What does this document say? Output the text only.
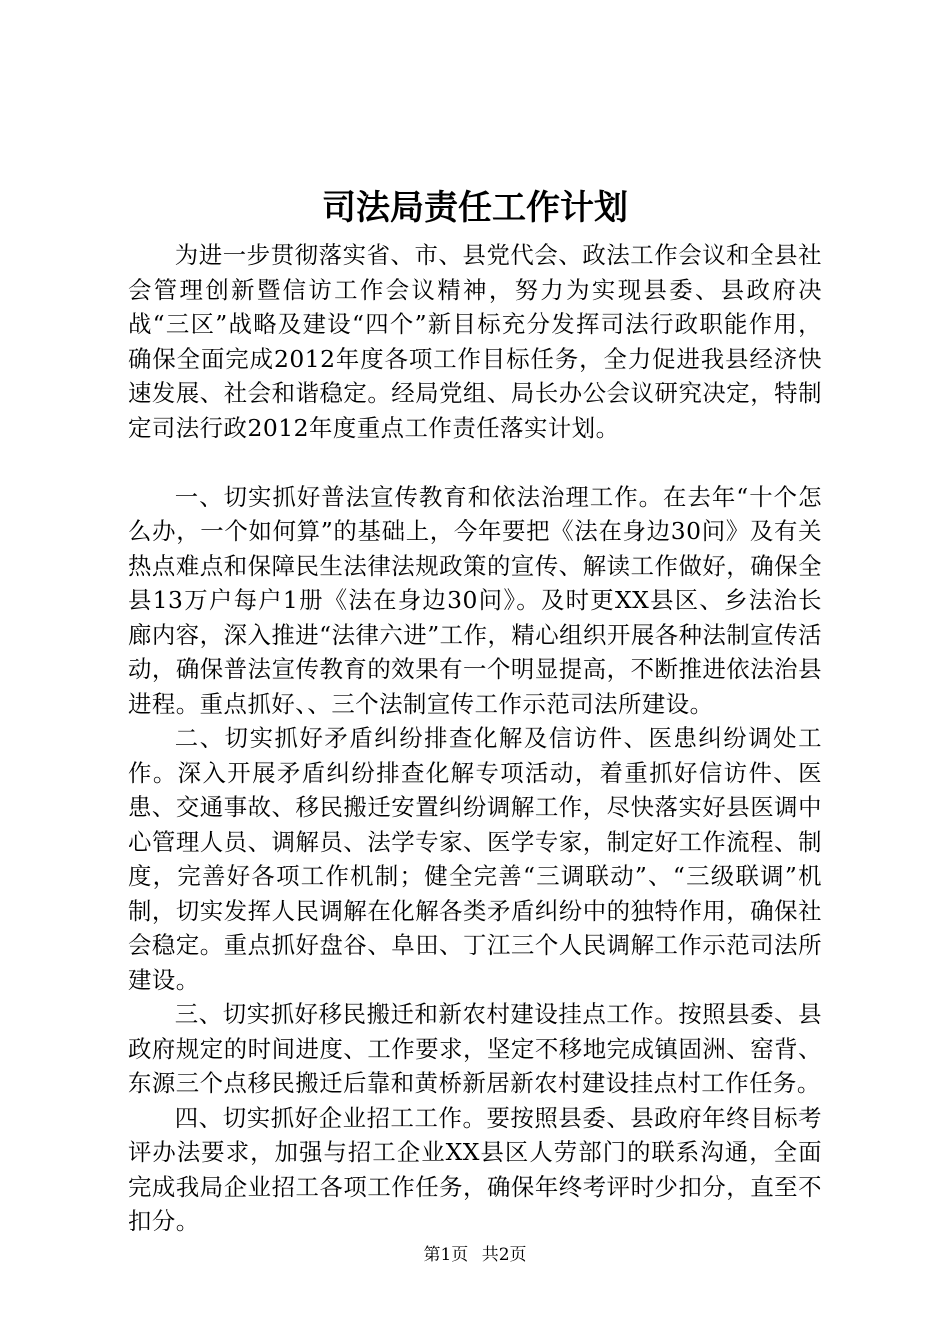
司法局责任工作计划

为进一步贯彻落实省、市、县党代会、政法工作会议和全县社会管理创新暨信访工作会议精神，努力为实现县委、县政府决战“三区”战略及建设“四个”新目标充分发挥司法行政职能作用，确保全面完成2012年度各项工作目标任务，全力促进我县经济快速发展、社会和谐稳定。经局党组、局长办公会议研究决定，特制定司法行政2012年度重点工作责任落实计划。

一、切实抓好普法宣传教育和依法治理工作。在去年“十个怎么办，一个如何算”的基础上，今年要把《法在身边30问》及有关热点难点和保障民生法律法规政策的宣传、解读工作做好，确保全县13万户每户1册《法在身边30问》。及时更XX县区、乡法治长廊内容，深入推进“法律六进”工作，精心组织开展各种法制宣传活动，确保普法宣传教育的效果有一个明显提高，不断推进依法治县进程。重点抓好、、三个法制宣传工作示范司法所建设。

二、切实抓好矛盾纠纷排查化解及信访件、医患纠纷调处工作。深入开展矛盾纠纷排查化解专项活动，着重抓好信访件、医患、交通事故、移民搬迁安置纠纷调解工作，尽快落实好县医调中心管理人员、调解员、法学专家、医学专家，制定好工作流程、制度，完善好各项工作机制；健全完善“三调联动”、“三级联调”机制，切实发挥人民调解在化解各类矛盾纠纷中的独特作用，确保社会稳定。重点抓好盘谷、阜田、丁江三个人民调解工作示范司法所建设。

三、切实抓好移民搬迁和新农村建设挂点工作。按照县委、县政府规定的时间进度、工作要求，坚定不移地完成镇固洲、窑背、东源三个点移民搬迁后靠和黄桥新居新农村建设挂点村工作任务。

四、切实抓好企业招工工作。要按照县委、县政府年终目标考评办法要求，加强与招工企业XX县区人劳部门的联系沟通，全面完成我局企业招工各项工作任务，确保年终考评时少扣分，直至不扣分。

第1页 共2页
